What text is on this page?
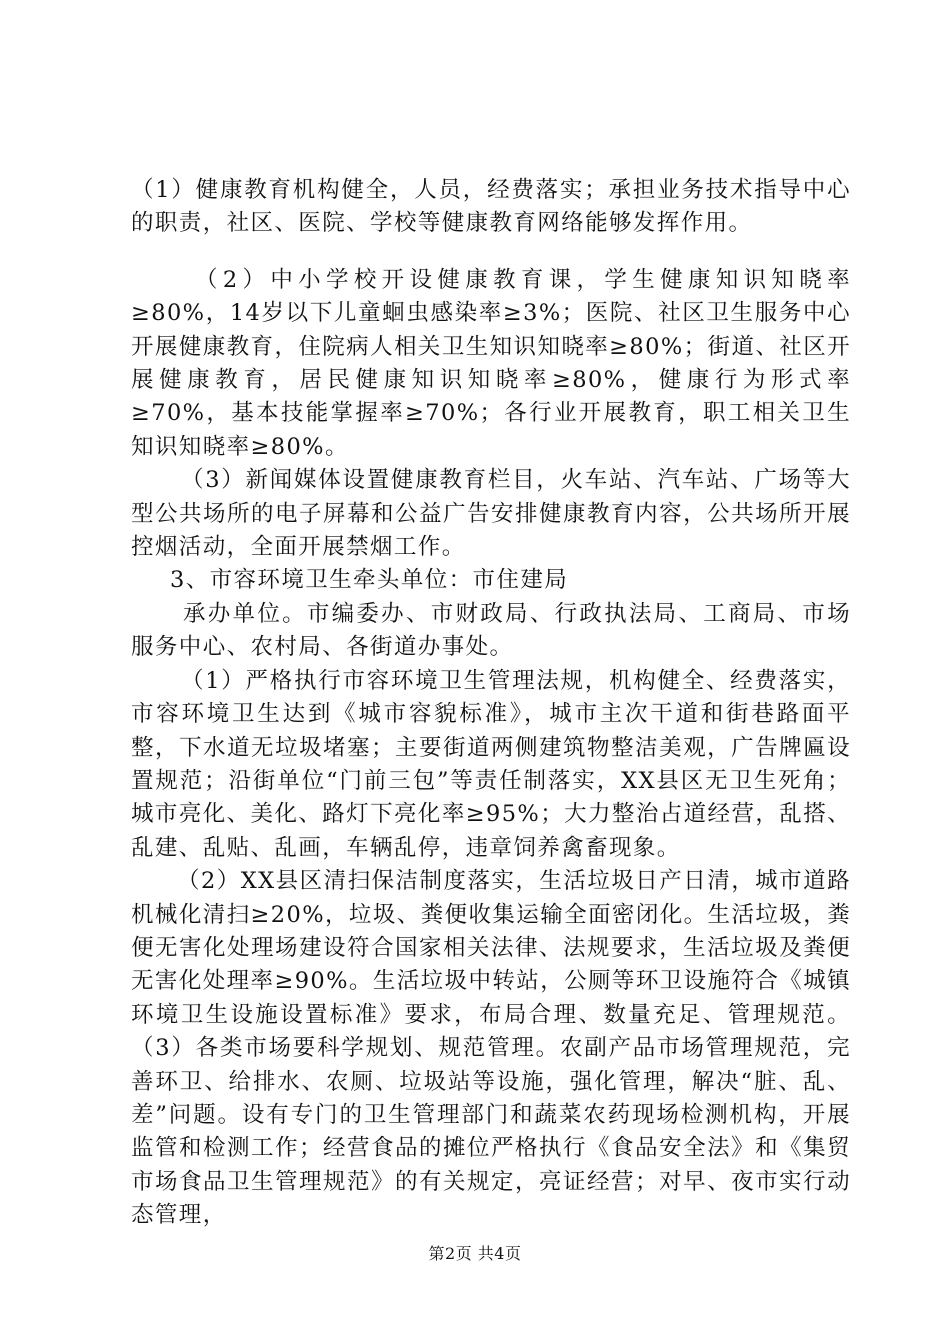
（1）健康教育机构健全，人员，经费落实；承担业务技术指导中心的职责，社区、医院、学校等健康教育网络能够发挥作用。

（2）中小学校开设健康教育课，学生健康知识知晓率≥80%，14岁以下儿童蛔虫感染率≥3%；医院、社区卫生服务中心开展健康教育，住院病人相关卫生知识知晓率≥80%；街道、社区开展健康教育，居民健康知识知晓率≥80%，健康行为形式率≥70%，基本技能掌握率≥70%；各行业开展教育，职工相关卫生知识知晓率≥80%。

（3）新闻媒体设置健康教育栏目，火车站、汽车站、广场等大型公共场所的电子屏幕和公益广告安排健康教育内容，公共场所开展控烟活动，全面开展禁烟工作。

3、市容环境卫生牵头单位：市住建局

承办单位。市编委办、市财政局、行政执法局、工商局、市场服务中心、农村局、各街道办事处。

（1）严格执行市容环境卫生管理法规，机构健全、经费落实，市容环境卫生达到《城市容貌标准》，城市主次干道和街巷路面平整，下水道无垃圾堵塞；主要街道两侧建筑物整洁美观，广告牌匾设置规范；沿街单位“门前三包”等责任制落实，XX县区无卫生死角；城市亮化、美化、路灯下亮化率≥95%；大力整治占道经营，乱搭、乱建、乱贴、乱画，车辆乱停，违章饲养禽畜现象。

（2）XX县区清扫保洁制度落实，生活垃圾日产日清，城市道路机械化清扫≥20%，垃圾、粪便收集运输全面密闭化。生活垃圾，粪便无害化处理场建设符合国家相关法律、法规要求，生活垃圾及粪便无害化处理率≥90%。生活垃圾中转站，公厕等环卫设施符合《城镇环境卫生设施设置标准》要求，布局合理、数量充足、管理规范。（3）各类市场要科学规划、规范管理。农副产品市场管理规范，完善环卫、给排水、农厕、垃圾站等设施，强化管理，解决“脏、乱、差”问题。设有专门的卫生管理部门和蔬菜农药现场检测机构，开展监管和检测工作；经营食品的摊位严格执行《食品安全法》和《集贸市场食品卫生管理规范》的有关规定，亮证经营；对早、夜市实行动态管理，

第2页 共4页
